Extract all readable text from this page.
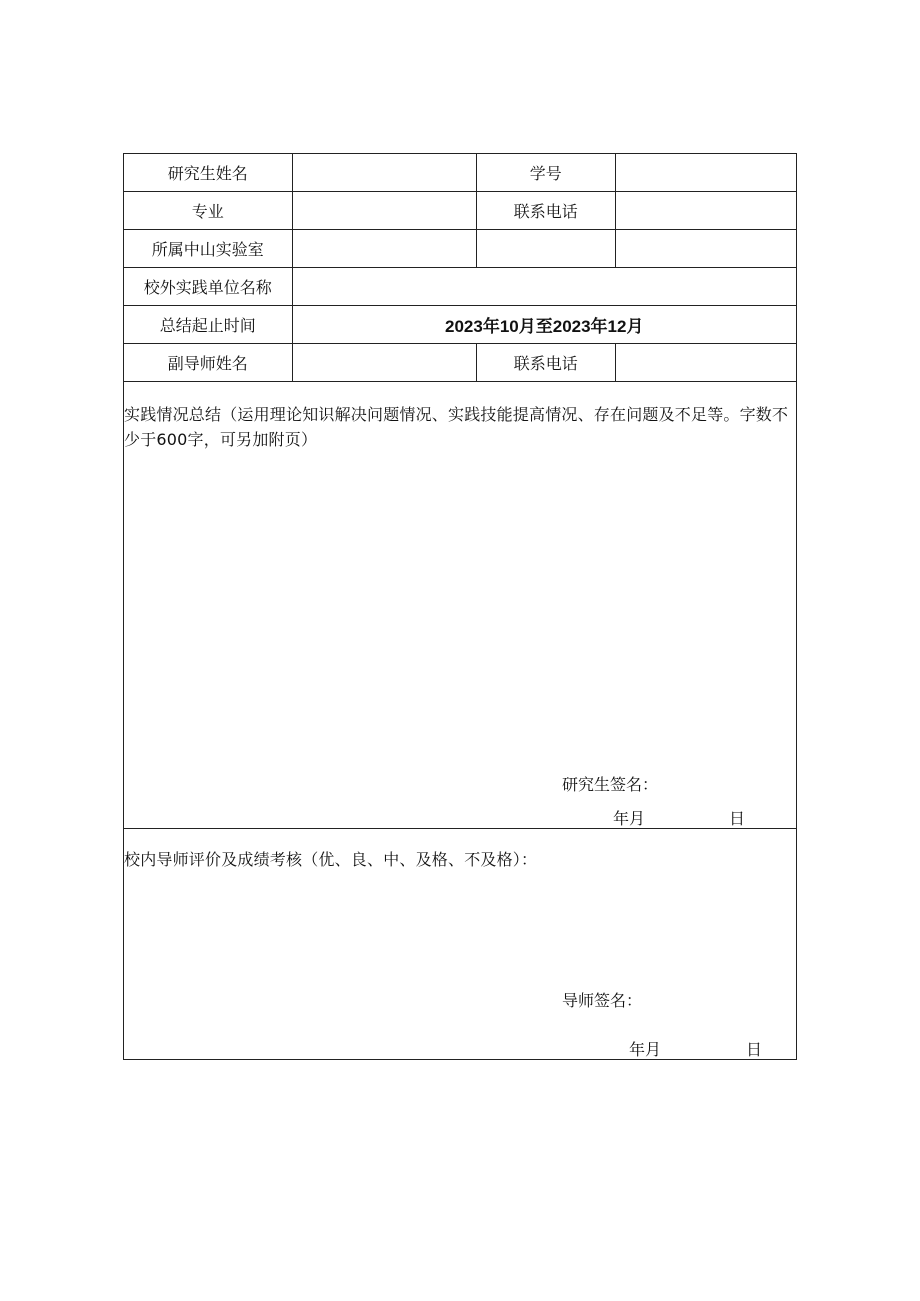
研究生姓名	学号
专业	联系电话
所属中山实验室
校外实践单位名称
总结起止时间	2023年10月至2023年12月
副导师姓名	联系电话
实践情况总结（运用理论知识解决问题情况、实践技能提高情况、存在问题及不足等。字数不少于600字，可另加附页）
研究生签名：
年月	日
校内导师评价及成绩考核（优、良、中、及格、不及格）：
导师签名：
年月	日
